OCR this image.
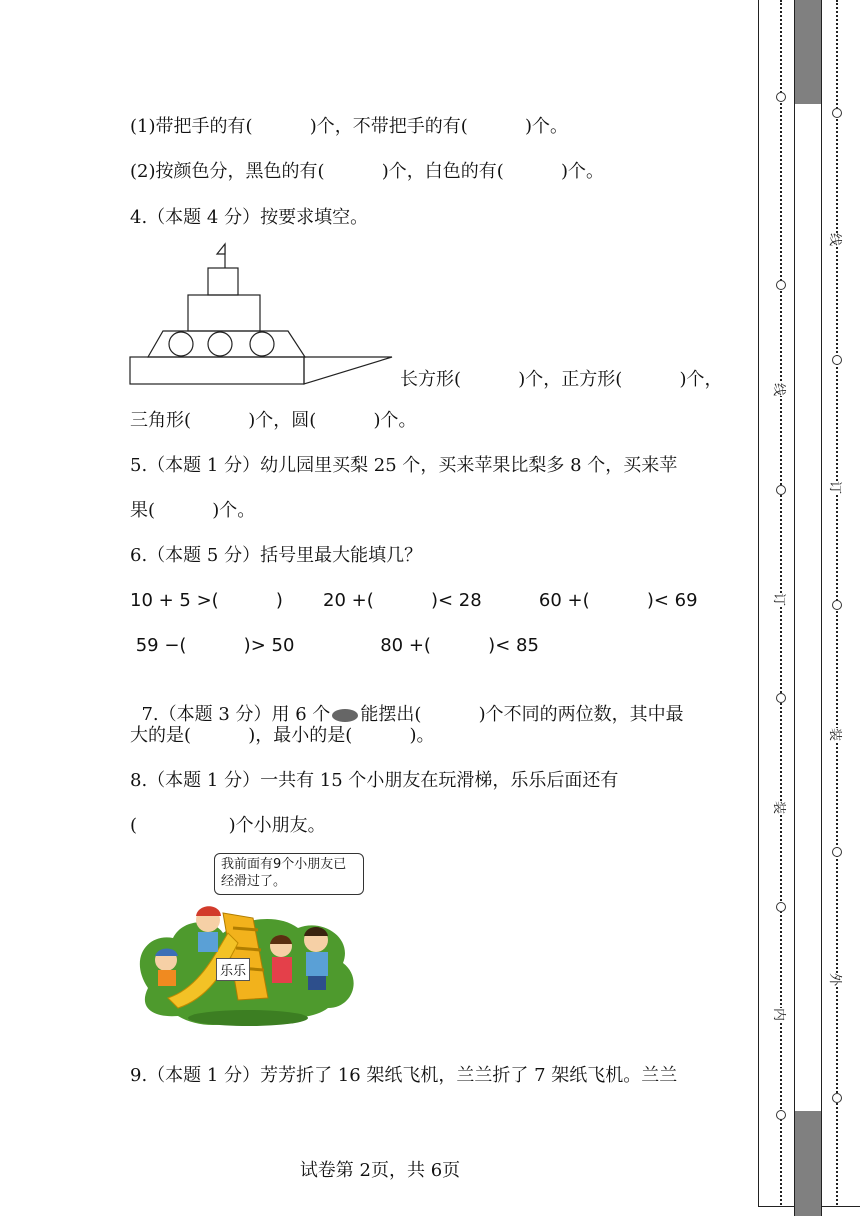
(1)带把手的有(          )个，不带把手的有(          )个。
(2)按颜色分，黑色的有(          )个，白色的有(          )个。
4.（本题 4 分）按要求填空。
长方形(          )个，正方形(          )个，
三角形(          )个，圆(          )个。
5.（本题 1 分）幼儿园里买梨 25 个，买来苹果比梨多 8 个，买来苹
果(          )个。
6.（本题 5 分）括号里最大能填几？
10 + 5 >(          )       20 +(          )< 28          60 +(          )< 69
59 −(          )> 50               80 +(          )< 85

7.（本题 3 分）用 6 个 能摆出(          )个不同的两位数，其中最

大的是(          )，最小的是(          )。
8.（本题 1 分）一共有 15 个小朋友在玩滑梯，乐乐后面还有
(                )个小朋友。
我前面有9个小朋友已经滑过了。
乐乐
9.（本题 1 分）芳芳折了 16 架纸飞机，兰兰折了 7 架纸飞机。兰兰
试卷第 2页，共 6页
线
订
装
内
线
订
装
外
